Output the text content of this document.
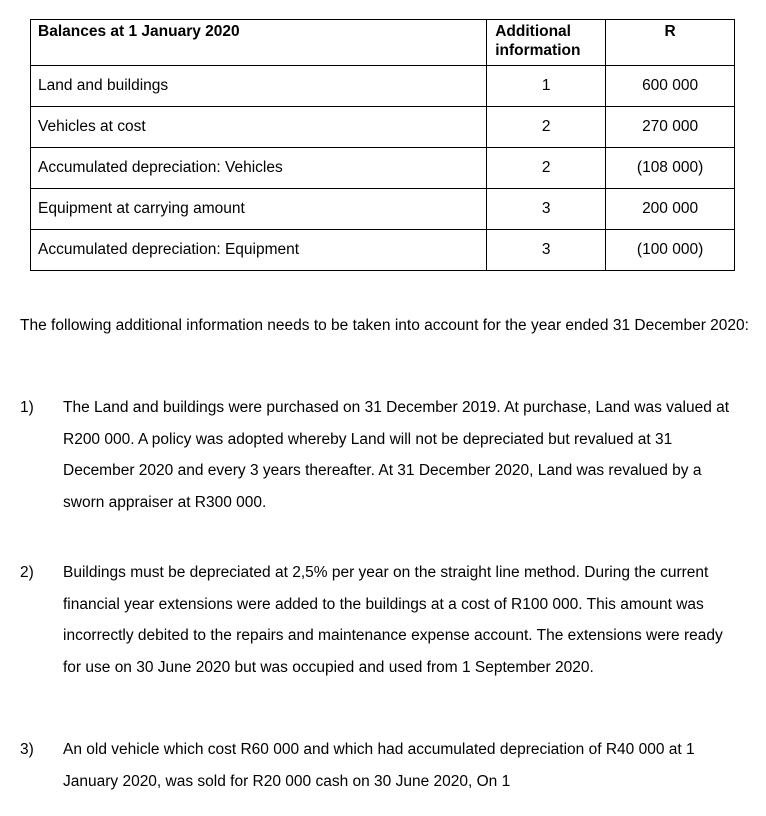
Balances at 1 January 2020	Additional information	R
Land and buildings	1	600 000
Vehicles at cost	2	270 000
Accumulated depreciation: Vehicles	2	(108 000)
Equipment at carrying amount	3	200 000
Accumulated depreciation: Equipment	3	(100 000)
The following additional information needs to be taken into account for the year ended 31 December 2020:
1) The Land and buildings were purchased on 31 December 2019. At purchase, Land was valued at R200 000. A policy was adopted whereby Land will not be depreciated but revalued at 31 December 2020 and every 3 years thereafter. At 31 December 2020, Land was revalued by a sworn appraiser at R300 000.
2) Buildings must be depreciated at 2,5% per year on the straight line method. During the current financial year extensions were added to the buildings at a cost of R100 000. This amount was incorrectly debited to the repairs and maintenance expense account. The extensions were ready for use on 30 June 2020 but was occupied and used from 1 September 2020.
3) An old vehicle which cost R60 000 and which had accumulated depreciation of R40 000 at 1 January 2020, was sold for R20 000 cash on 30 June 2020, On 1
